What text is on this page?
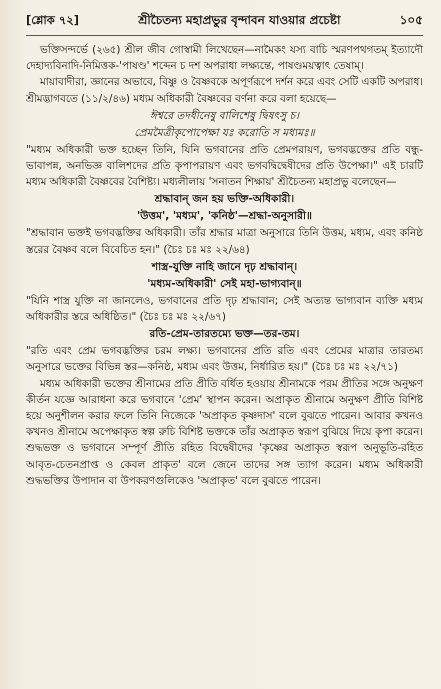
[শ্লোক ৭২]	শ্রীচৈতন্য মহাপ্রভুর বৃন্দাবন যাওয়ার প্রচেষ্টা	১০৫

ভক্তিসন্দর্ভে (২৬৫) শ্রীল জীব গোস্বামী লিখেছেন—নামৈকং যস্য বাচি স্মরণপথগতম্ ইত্যাদৌ দেহাদ্যবিনাদি-নিমিত্তক-'পাষণ্ড' শব্দেন চ দশ অপরাধা লক্ষ্যন্তে, পাষণ্ডময়ত্বাৎ তেষাম্।

মায়াবাদীরা, জ্ঞানের অভাবে, বিষ্ণু ও বৈষ্ণবকে অপূর্ণরূপে দর্শন করে এবং সেটি একটি অপরাধ। শ্রীমদ্ভাগবতে (১১/২/৪৬) মধ্যম অধিকারী বৈষ্ণবের বর্ণনা করে বলা হয়েছে—

ঈশ্বরে তদধীনেষু বালিশেষু দ্বিষৎসু চ।
প্রেমমৈত্রীকৃপোপেক্ষা যঃ করোতি স মধ্যমঃ॥

"মধ্যম অধিকারী ভক্ত হচ্ছেন তিনি, যিনি ভগবানের প্রতি প্রেমপরায়ণ, ভগবদ্ভক্তের প্রতি বন্ধু-ভাবাপন্ন, অনভিজ্ঞ বালিশদের প্রতি কৃপাপরায়ণ এবং ভগবদ্বিদ্বেষীদের প্রতি উপেক্ষা।" এই চারটি মধ্যম অধিকারী বৈষ্ণবের বৈশিষ্ট্য। মধ্যলীলায় 'সনাতন শিক্ষায়' শ্রীচৈতন্য মহাপ্রভু বলেছেন—

শ্রদ্ধাবান্ জন হয় ভক্তি-অধিকারী।
'উত্তম', 'মধ্যম', 'কনিষ্ঠ'—শ্রদ্ধা-অনুসারী॥

"শ্রদ্ধাবান ভক্তই ভগবদ্ভক্তির অধিকারী। তাঁর শ্রদ্ধার মাত্রা অনুসারে তিনি উত্তম, মধ্যম, এবং কনিষ্ঠ স্তরের বৈষ্ণব বলে বিবেচিত হন।" (চৈঃ চঃ মঃ ২২/৬৪)

শাস্ত্র-যুক্তি নাহি জানে দৃঢ় শ্রদ্ধাবান্।
'মধ্যম-অধিকারী' সেই মহা-ভাগ্যবান্॥

"যিনি শাস্ত্র যুক্তি না জানলেও, ভগবানের প্রতি দৃঢ় শ্রদ্ধাবান; সেই অত্যন্ত ভাগ্যবান ব্যক্তি মধ্যম অধিকারীর স্তরে অধিষ্ঠিত।" (চৈঃ চঃ মঃ ২২/৬৭)

রতি-প্রেম-তারতম্যে ভক্ত—তর-তম।

"রতি এবং প্রেম ভগবদ্ভক্তির চরম লক্ষ্য। ভগবানের প্রতি রতি এবং প্রেমের মাত্রার তারতম্য অনুসারে ভক্তের বিভিন্ন স্তর—কনিষ্ঠ, মধ্যম এবং উত্তম, নির্ধারিত হয়।" (চৈঃ চঃ মঃ ২২/৭১)

মধ্যম অধিকারী ভক্তের শ্রীনামের প্রতি প্রীতি বর্ধিত হওয়ায় শ্রীনামকে পরম প্রীতির সঙ্গে অনুক্ষণ কীর্তন যজ্ঞে আরাধনা করে ভগবানে 'প্রেম' স্থাপন করেন। অপ্রাকৃত শ্রীনামে অনুক্ষণ প্রীতি বিশিষ্ট হয়ে অনুশীলন করার ফলে তিনি নিজেকে 'অপ্রাকৃত কৃষ্ণদাস' বলে বুঝতে পারেন। আবার কখনও কখনও শ্রীনামে অপেক্ষাকৃত স্বল্প রুচি বিশিষ্ট ভক্তকে তাঁর অপ্রাকৃত স্বরূপ বুঝিয়ে দিয়ে কৃপা করেন। শুদ্ধভক্ত ও ভগবানে সম্পূর্ণ প্রীতি রহিত বিদ্বেষীদের 'কৃষ্ণের অপ্রাকৃত স্বরূপ অনুভূতি-রহিত আবৃত-চেতনপ্রাপ্ত ও কেবল প্রাকৃত' বলে জেনে তাদের সঙ্গ ত্যাগ করেন। মধ্যম অধিকারী শুদ্ধভক্তির উপাদান বা উপকরণগুলিকেও 'অপ্রাকৃত' বলে বুঝতে পারেন।
